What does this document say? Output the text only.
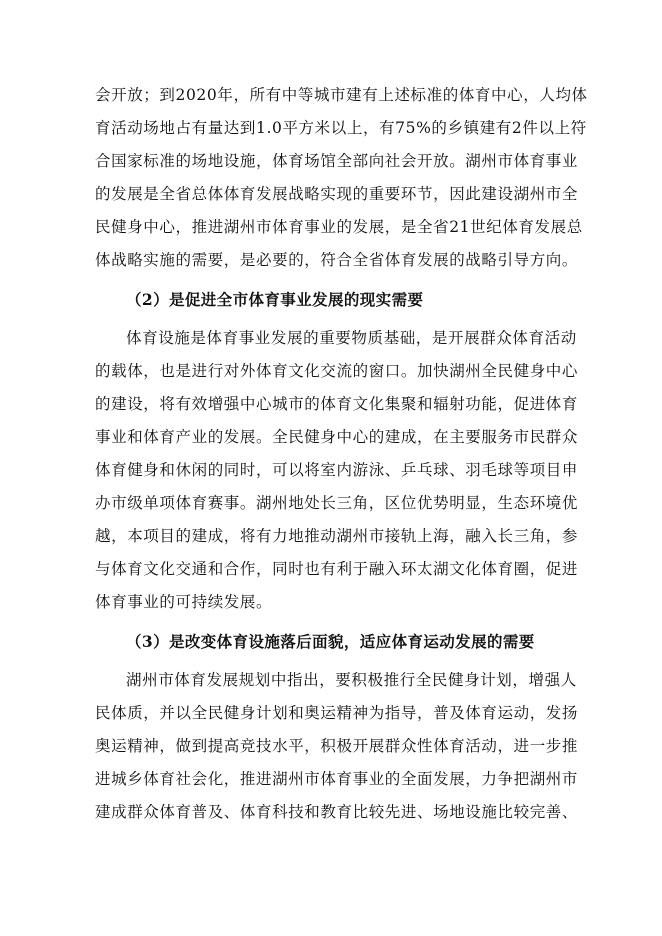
会开放；到2020年，所有中等城市建有上述标准的体育中心，人均体
育活动场地占有量达到1.0平方米以上，有75%的乡镇建有2件以上符
合国家标准的场地设施，体育场馆全部向社会开放。湖州市体育事业
的发展是全省总体体育发展战略实现的重要环节，因此建设湖州市全
民健身中心，推进湖州市体育事业的发展，是全省21世纪体育发展总
体战略实施的需要，是必要的，符合全省体育发展的战略引导方向。
（2）是促进全市体育事业发展的现实需要
体育设施是体育事业发展的重要物质基础，是开展群众体育活动
的载体，也是进行对外体育文化交流的窗口。加快湖州全民健身中心
的建设，将有效增强中心城市的体育文化集聚和辐射功能，促进体育
事业和体育产业的发展。全民健身中心的建成，在主要服务市民群众
体育健身和休闲的同时，可以将室内游泳、乒乓球、羽毛球等项目申
办市级单项体育赛事。湖州地处长三角，区位优势明显，生态环境优
越，本项目的建成，将有力地推动湖州市接轨上海，融入长三角，参
与体育文化交通和合作，同时也有利于融入环太湖文化体育圈，促进
体育事业的可持续发展。
（3）是改变体育设施落后面貌，适应体育运动发展的需要
湖州市体育发展规划中指出，要积极推行全民健身计划，增强人
民体质，并以全民健身计划和奥运精神为指导，普及体育运动，发扬
奥运精神，做到提高竞技水平，积极开展群众性体育活动，进一步推
进城乡体育社会化，推进湖州市体育事业的全面发展，力争把湖州市
建成群众体育普及、体育科技和教育比较先进、场地设施比较完善、
